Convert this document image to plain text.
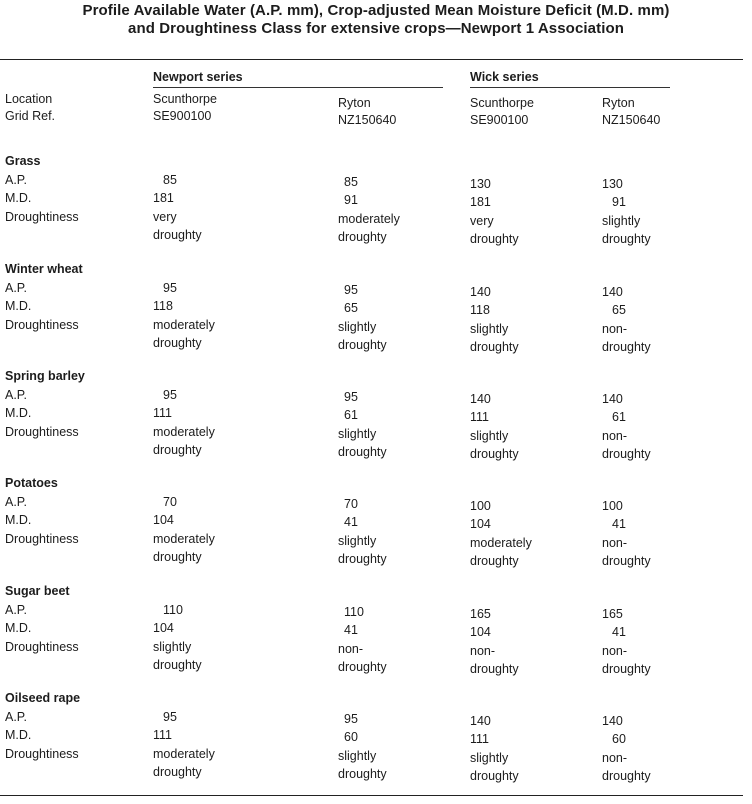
Profile Available Water (A.P. mm), Crop-adjusted Mean Moisture Deficit (M.D. mm)
and Droughtiness Class for extensive crops—Newport 1 Association
Newport series	Wick series
Location
Grid Ref.
Scunthorpe
SE900100
Ryton
NZ150640
Scunthorpe
SE900100
Ryton
NZ150640
Grass
A.P.
M.D.
Droughtiness
85
181
very
droughty
85
91
moderately
droughty
130
181
very
droughty
130
91
slightly
droughty
Winter wheat
A.P.
M.D.
Droughtiness
95
118
moderately
droughty
95
65
slightly
droughty
140
118
slightly
droughty
140
65
non-
droughty
Spring barley
A.P.
M.D.
Droughtiness
95
111
moderately
droughty
95
61
slightly
droughty
140
111
slightly
droughty
140
61
non-
droughty
Potatoes
A.P.
M.D.
Droughtiness
70
104
moderately
droughty
70
41
slightly
droughty
100
104
moderately
droughty
100
41
non-
droughty
Sugar beet
A.P.
M.D.
Droughtiness
110
104
slightly
droughty
110
41
non-
droughty
165
104
non-
droughty
165
41
non-
droughty
Oilseed rape
A.P.
M.D.
Droughtiness
95
111
moderately
droughty
95
60
slightly
droughty
140
111
slightly
droughty
140
60
non-
droughty
